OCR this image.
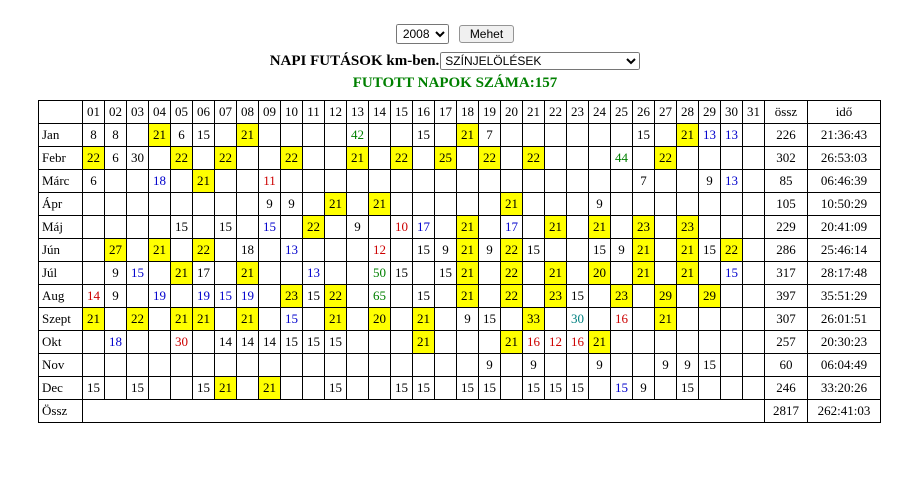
2008 Mehet
NAPI FUTÁSOK km-ben.
SZÍNJELÖLÉSEK
FUTOTT NAPOK SZÁMA:157
	01	02	03	04	05	06	07	08	09	10	11	12	13	14	15	16	17	18	19	20	21	22	23	24	25	26	27	28	29	30	31	össz	idő
Jan	8	8		21	6	15		21					42			15		21	7							15		21	13	13		226	21:36:43
Febr	22	6	30		22		22			22			21		22		25		22		22				44		22					302	26:53:03
Márc	6			18		21			11																	7			9	13		85	06:46:39
Ápr									9	9		21		21						21				9								105	10:50:29
Máj					15		15		15		22		9		10	17		21		17		21		21		23		23				229	20:41:09
Jún		27		21		22		18		13				12		15	9	21	9	22	15			15	9	21		21	15	22		286	25:46:14
Júl		9	15		21	17		21			13			50	15		15	21		22		21		20		21		21		15		317	28:17:48
Aug	14	9		19		19	15	19		23	15	22		65		15		21		22		23	15		23		29		29			397	35:51:29
Szept	21		22		21	21		21		15		21		20		21		9	15		33		30		16		21					307	26:01:51
Okt		18			30		14	14	14	15	15	15				21				21	16	12	16	21								257	20:30:23
Nov																			9		9			9			9	9	15			60	06:04:49
Dec	15		15			15	21		21			15			15	15		15	15		15	15	15		15	9		15				246	33:20:26
Össz																																2817	262:41:03
